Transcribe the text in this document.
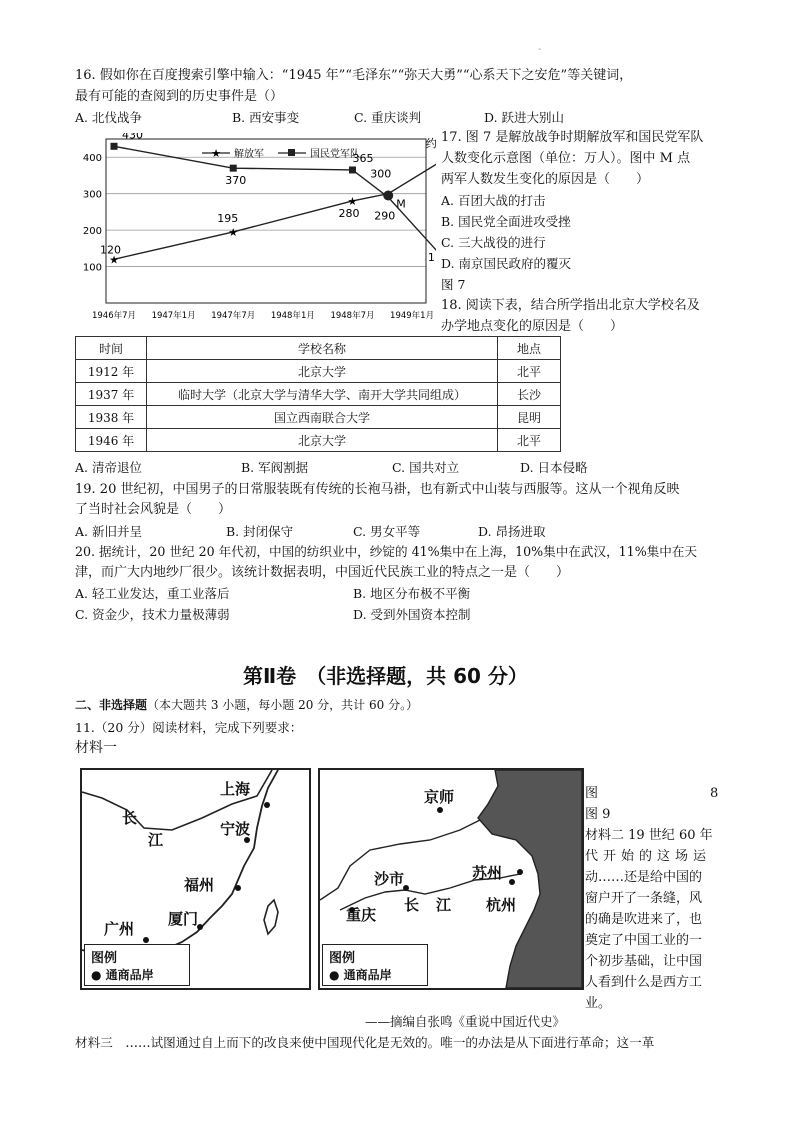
-
16. 假如你在百度搜索引擎中输入：“1945 年”“毛泽东”“弥天大勇”“心系天下之安危”等关键词，
最有可能的查阅到的历史事件是（）
A. 北伐战争	B. 西安事变	C. 重庆谈判	D. 跃进大别山
100
200
300
400
1946年7月 1947年1月 1947年7月 1948年1月 1948年7月 1949年1月
★
★
★	M
120
195	280
300
约
430
370
365
290
1
★ 解放军	国民党军队
17. 图 7 是解放战争时期解放军和国民党军队
人数变化示意图（单位：万人）。图中 M 点
两军人数发生变化的原因是（　　）
A. 百团大战的打击
B. 国民党全面进攻受挫
C. 三大战役的进行
D. 南京国民政府的覆灭
图 7
18. 阅读下表，结合所学指出北京大学校名及
办学地点变化的原因是（　　）
时间	学校名称	地点
1912 年	北京大学	北平
1937 年	临时大学（北京大学与清华大学、南开大学共同组成）	长沙
1938 年	国立西南联合大学	昆明
1946 年	北京大学	北平
A. 清帝退位	B. 军阀割据	C. 国共对立	D. 日本侵略
19. 20 世纪初，中国男子的日常服装既有传统的长袍马褂，也有新式中山装与西服等。这从一个视角反映
了当时社会风貌是（　　）
A. 新旧并呈	B. 封闭保守	C. 男女平等	D. 昂扬进取
20. 据统计，20 世纪 20 年代初，中国的纺织业中，纱锭的 41%集中在上海，10%集中在武汉，11%集中在天
津，而广大内地纱厂很少。该统计数据表明，中国近代民族工业的特点之一是（　　）
A. 轻工业发达，重工业落后	B. 地区分布极不平衡
C. 资金少，技术力量极薄弱	D. 受到外国资本控制
第Ⅱ卷　（非选择题，共 60 分）
二、非选择题（本大题共 3 小题，每小题 20 分，共计 60 分。）
11.（20 分）阅读材料，完成下列要求：
材料一
上海
长
江
宁波
福州
广州
厦门
图例
● 通商品岸
京师
苏州
沙市
重庆
长 江 杭州
图例
● 通商品岸
图	8
图 9
材料二 19 世纪 60 年
代开始的这场运
动……还是给中国的
窗户开了一条缝，风
的确是吹进来了，也
奠定了中国工业的一
个初步基础，让中国
人看到什么是西方工
业。
——摘编自张鸣《重说中国近代史》
材料三　……试图通过自上而下的改良来使中国现代化是无效的。唯一的办法是从下面进行革命；这一革
